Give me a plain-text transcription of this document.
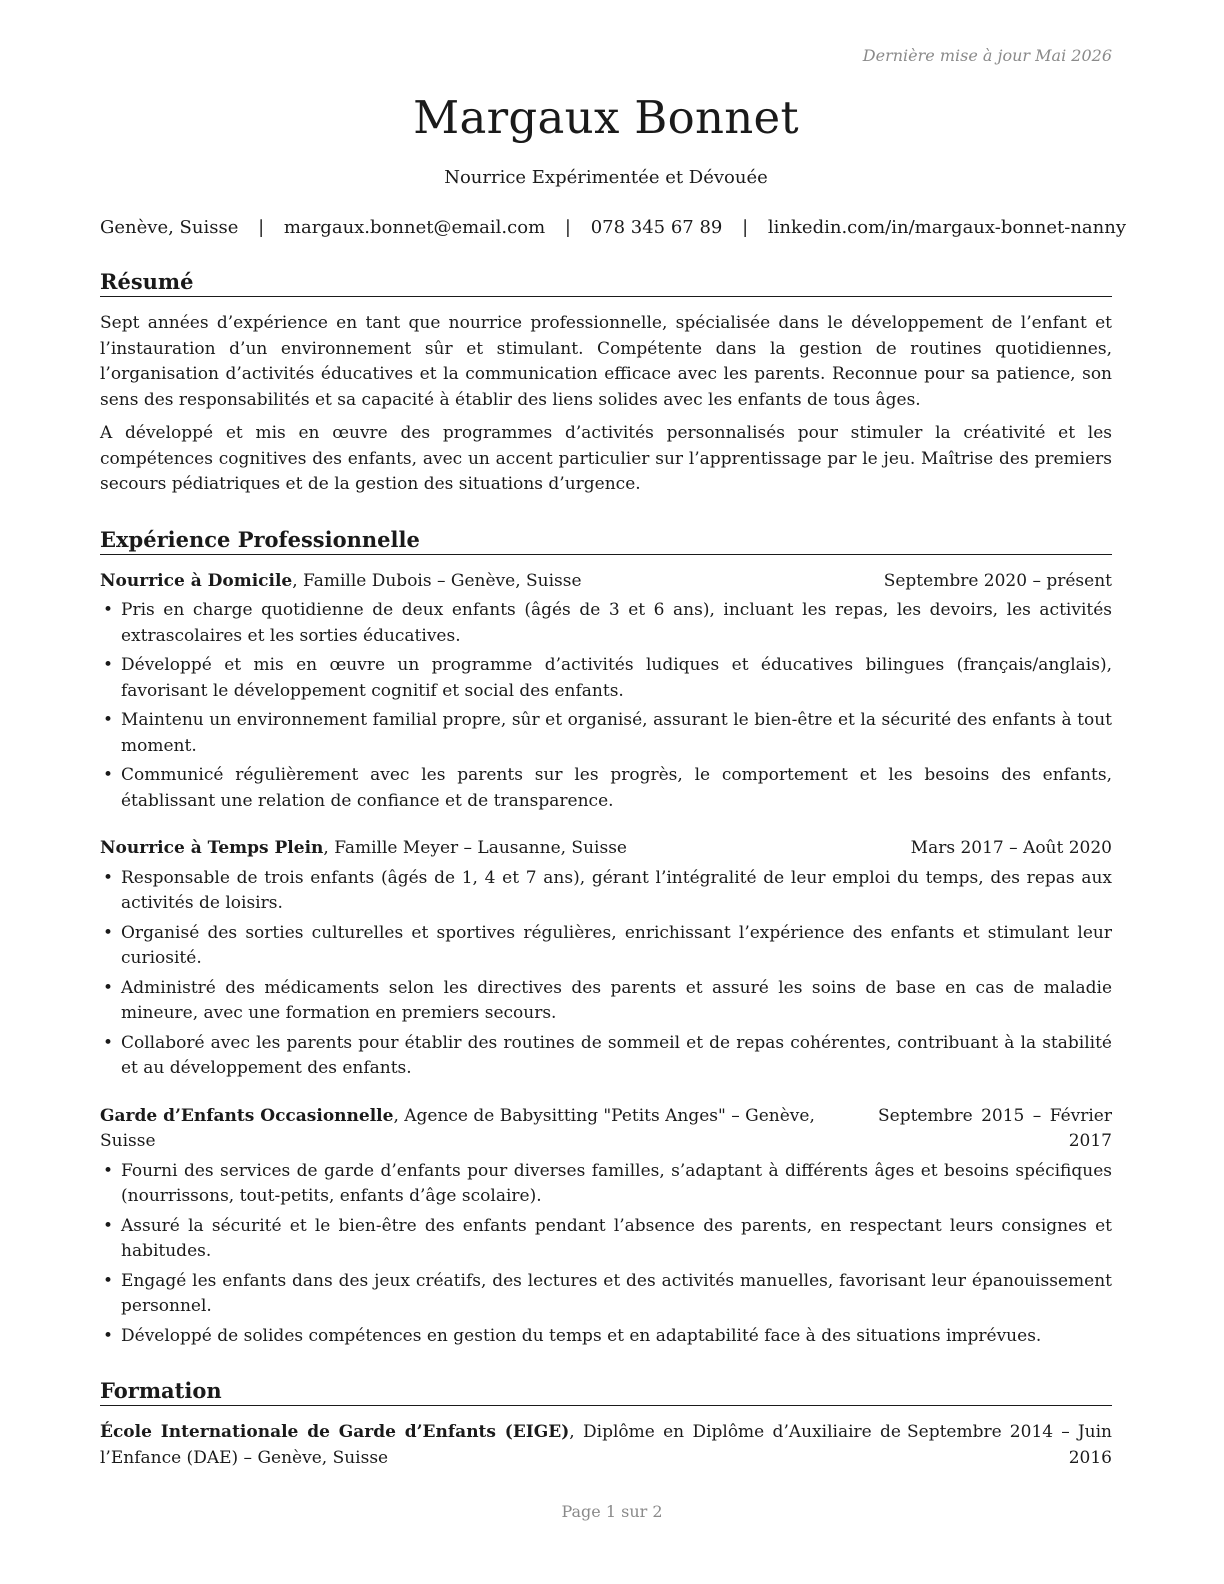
Dernière mise à jour Mai 2026
Margaux Bonnet
Nourrice Expérimentée et Dévouée
Genève, Suisse | margaux.bonnet@email.com | 078 345 67 89 | linkedin.com/in/margaux-bonnet-nanny
Résumé

Sept années d’expérience en tant que nourrice professionnelle, spécialisée dans le développement de l’enfant et l’instauration d’un environnement sûr et stimulant. Compétente dans la gestion de routines quotidiennes, l’organisation d’activités éducatives et la communication efficace avec les parents. Reconnue pour sa patience, son sens des responsabilités et sa capacité à établir des liens solides avec les enfants de tous âges.

A développé et mis en œuvre des programmes d’activités personnalisés pour stimuler la créativité et les compétences cognitives des enfants, avec un accent particulier sur l’apprentissage par le jeu. Maîtrise des premiers secours pédiatriques et de la gestion des situations d’urgence.

Expérience Professionnelle
Nourrice à Domicile, Famille Dubois – Genève, Suisse	Septembre 2020 – présent
• Pris en charge quotidienne de deux enfants (âgés de 3 et 6 ans), incluant les repas, les devoirs, les activités extrascolaires et les sorties éducatives.
• Développé et mis en œuvre un programme d’activités ludiques et éducatives bilingues (français/anglais), favorisant le développement cognitif et social des enfants.
• Maintenu un environnement familial propre, sûr et organisé, assurant le bien-être et la sécurité des enfants à tout moment.
• Communicé régulièrement avec les parents sur les progrès, le comportement et les besoins des enfants, établissant une relation de confiance et de transparence.
Nourrice à Temps Plein, Famille Meyer – Lausanne, Suisse	Mars 2017 – Août 2020
• Responsable de trois enfants (âgés de 1, 4 et 7 ans), gérant l’intégralité de leur emploi du temps, des repas aux activités de loisirs.
• Organisé des sorties culturelles et sportives régulières, enrichissant l’expérience des enfants et stimulant leur curiosité.
• Administré des médicaments selon les directives des parents et assuré les soins de base en cas de maladie mineure, avec une formation en premiers secours.
• Collaboré avec les parents pour établir des routines de sommeil et de repas cohérentes, contribuant à la stabilité et au développement des enfants.
Garde d’Enfants Occasionnelle, Agence de Babysitting "Petits Anges" – Genève, Suisse
Septembre 2015 – Février 2017
• Fourni des services de garde d’enfants pour diverses familles, s’adaptant à différents âges et besoins spécifiques (nourrissons, tout-petits, enfants d’âge scolaire).
• Assuré la sécurité et le bien-être des enfants pendant l’absence des parents, en respectant leurs consignes et habitudes.
• Engagé les enfants dans des jeux créatifs, des lectures et des activités manuelles, favorisant leur épanouissement personnel.
• Développé de solides compétences en gestion du temps et en adaptabilité face à des situations imprévues.
Formation
École Internationale de Garde d’Enfants (EIGE), Diplôme en Diplôme d’Auxiliaire de l’Enfance (DAE) – Genève, Suisse
Septembre 2014 – Juin 2016
Page 1 sur 2
